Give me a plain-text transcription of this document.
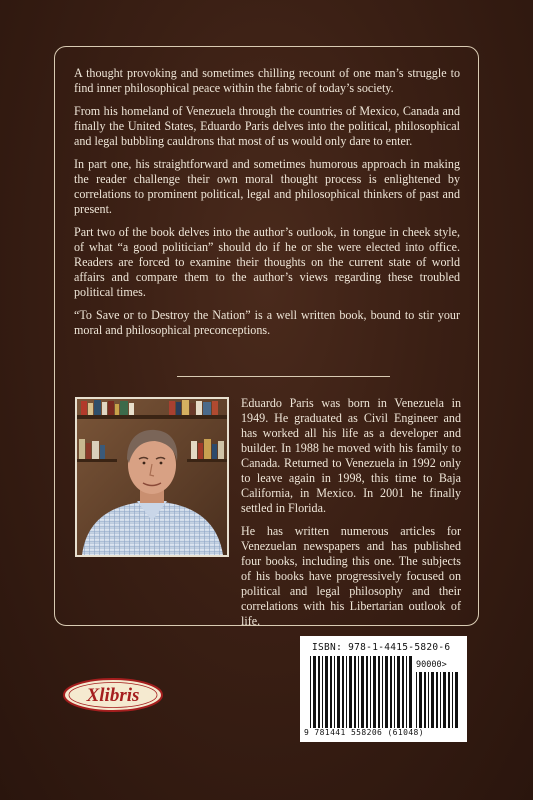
A thought provoking and sometimes chilling recount of one man’s struggle to find inner philosophical peace within the fabric of today’s society.

From his homeland of Venezuela through the countries of Mexico, Canada and finally the United States, Eduardo Paris delves into the political, philosophical and legal bubbling cauldrons that most of us would only dare to enter.

In part one, his straightforward and sometimes humorous approach in making the reader challenge their own moral thought process is enlightened by correlations to prominent political, legal and philosophical thinkers of past and present.

Part two of the book delves into the author’s outlook, in tongue in cheek style, of what “a good politician” should do if he or she were elected into office. Readers are forced to examine their thoughts on the current state of world affairs and compare them to the author’s views regarding these troubled political times.

“To Save or to Destroy the Nation” is a well written book, bound to stir your moral and philosophical preconceptions.

Eduardo Paris was born in Venezuela in 1949. He graduated as Civil Engineer and has worked all his life as a developer and builder. In 1988 he moved with his family to Canada. Returned to Venezuela in 1992 only to leave again in 1998, this time to Baja California, in Mexico. In 2001 he finally settled in Florida.

He has written numerous articles for Venezuelan newspapers and has published four books, including this one. The subjects of his books have progressively focused on political and legal philosophy and their correlations with his Libertarian outlook of life.

Xlibris
ISBN: 978-1-4415-5820-6
90000>
9 781441 558206 (61048)
